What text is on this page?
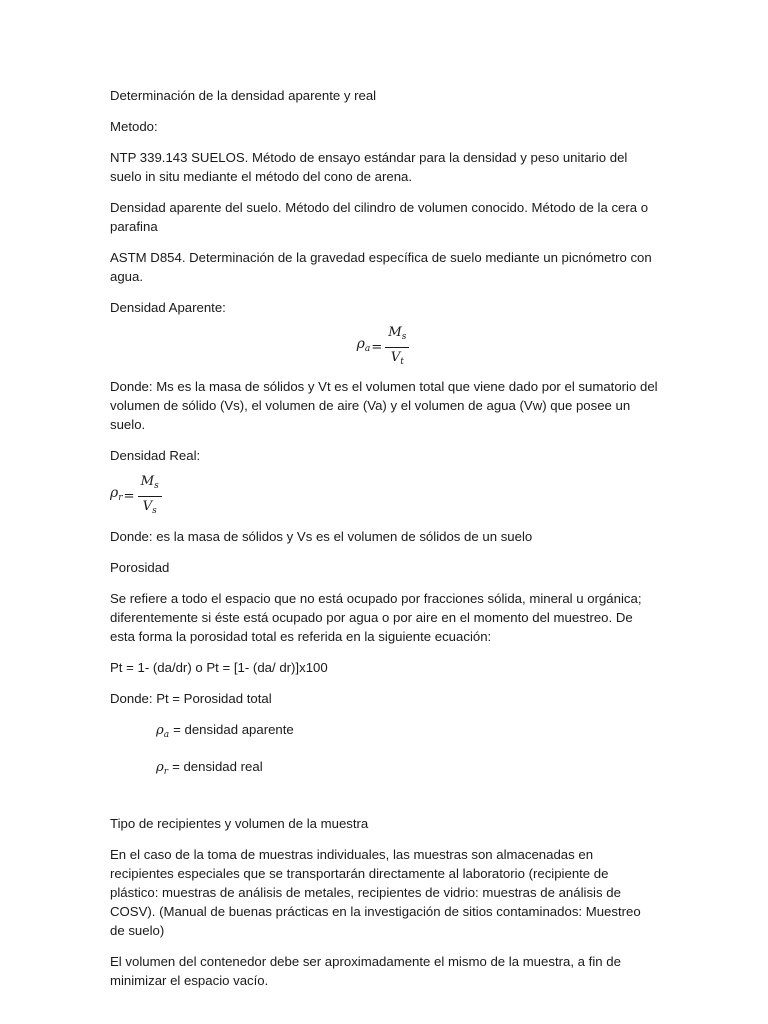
Determinación de la densidad aparente y real

Metodo:

NTP 339.143 SUELOS. Método de ensayo estándar para la densidad y peso unitario del suelo in situ mediante el método del cono de arena.

Densidad aparente del suelo. Método del cilindro de volumen conocido. Método de la cera o parafina

ASTM D854. Determinación de la gravedad específica de suelo mediante un picnómetro con agua.

Densidad Aparente:

$\rho_a = \frac{M_s}{V_t}$

Donde: Ms es la masa de sólidos y Vt es el volumen total que viene dado por el sumatorio del volumen de sólido (Vs), el volumen de aire (Va) y el volumen de agua (Vw) que posee un suelo.

Densidad Real:

$\rho_r = \frac{M_s}{V_s}$

Donde: es la masa de sólidos y Vs es el volumen de sólidos de un suelo

Porosidad

Se refiere a todo el espacio que no está ocupado por fracciones sólida, mineral u orgánica; diferentemente si éste está ocupado por agua o por aire en el momento del muestreo. De esta forma la porosidad total es referida en la siguiente ecuación:

Pt = 1- (da/dr) o Pt = [1- (da/ dr)]x100

Donde: Pt = Porosidad total

$\rho_a$ = densidad aparente
$\rho_r$ = densidad real

Tipo de recipientes y volumen de la muestra

En el caso de la toma de muestras individuales, las muestras son almacenadas en recipientes especiales que se transportarán directamente al laboratorio (recipiente de plástico: muestras de análisis de metales, recipientes de vidrio: muestras de análisis de COSV). (Manual de buenas prácticas en la investigación de sitios contaminados: Muestreo de suelo)

El volumen del contenedor debe ser aproximadamente el mismo de la muestra, a fin de minimizar el espacio vacío.
